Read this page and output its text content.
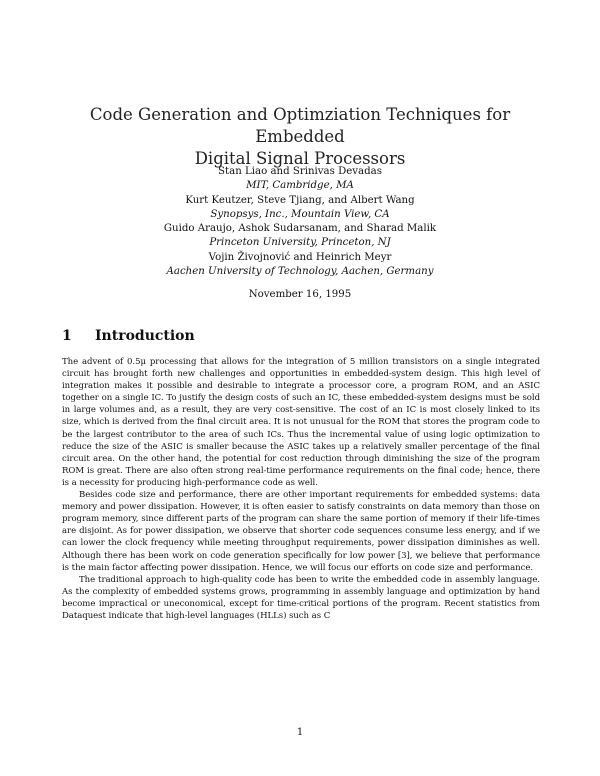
Code Generation and Optimziation Techniques for Embedded
Digital Signal Processors
Stan Liao and Srinivas Devadas
MIT, Cambridge, MA
Kurt Keutzer, Steve Tjiang, and Albert Wang
Synopsys, Inc., Mountain View, CA
Guido Araujo, Ashok Sudarsanam, and Sharad Malik
Princeton University, Princeton, NJ
Vojin Živojnović and Heinrich Meyr
Aachen University of Technology, Aachen, Germany
November 16, 1995
1 Introduction

The advent of 0.5μ processing that allows for the integration of 5 million transistors on a single integrated circuit has brought forth new challenges and opportunities in embedded-system design. This high level of integration makes it possible and desirable to integrate a processor core, a program ROM, and an ASIC together on a single IC. To justify the design costs of such an IC, these embedded-system designs must be sold in large volumes and, as a result, they are very cost-sensitive. The cost of an IC is most closely linked to its size, which is derived from the final circuit area. It is not unusual for the ROM that stores the program code to be the largest contributor to the area of such ICs. Thus the incremental value of using logic optimization to reduce the size of the ASIC is smaller because the ASIC takes up a relatively smaller percentage of the final circuit area. On the other hand, the potential for cost reduction through diminishing the size of the program ROM is great. There are also often strong real-time performance requirements on the final code; hence, there is a necessity for producing high-performance code as well.

Besides code size and performance, there are other important requirements for embedded systems: data memory and power dissipation. However, it is often easier to satisfy constraints on data memory than those on program memory, since different parts of the program can share the same portion of memory if their life-times are disjoint. As for power dissipation, we observe that shorter code sequences consume less energy, and if we can lower the clock frequency while meeting throughput requirements, power dissipation diminishes as well. Although there has been work on code generation specifically for low power [3], we believe that performance is the main factor affecting power dissipation. Hence, we will focus our efforts on code size and performance.

The traditional approach to high-quality code has been to write the embedded code in assembly language. As the complexity of embedded systems grows, programming in assembly language and optimization by hand become impractical or uneconomical, except for time-critical portions of the program. Recent statistics from Dataquest indicate that high-level languages (HLLs) such as C

1
